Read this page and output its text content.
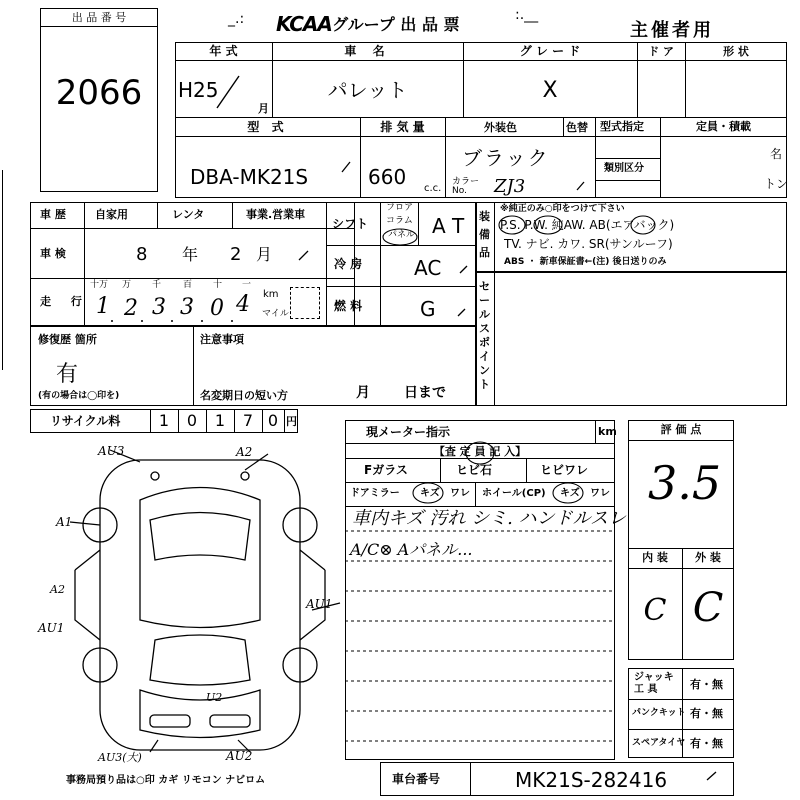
出 品 番 号
2066
KCAA
.グループ 出 品 票	主催者用
_.:	:.__
年 式	車 名	グ レ ー ド	ド ア	形 状
H25
月
パレット	X
型 式	排 気 量	外装色	色替 型式指定	定員・積載
類別区分
名
トン
DBA-MK21S	660 c.c.
ブラック
カラー No.	ZJ3
車 歴	自家用	レンタ	事業.営業車
車 検	8 年 2 月
走 行
十万 万 千 百 十 一
1 2 3 3 0 4 km
マイル
シフト
フロア
コラム
パネル A T
冷 房	AC
燃 料	G
装 備 品
※純正のみ○印をつけて下さい
P.S. P.W. 純AW. AB(エアバック)
TV. ナビ. カワ. SR(サンルーフ)
ABS ・ 新車保証書←(注) 後日送りのみ
セールスポイント
修復歴 箇所
有
(有の場合は◯印を)
注意事項
名変期日の短い方	月 日まで
リサイクル料	1	0	1	7 0 円
AU3	A2
A1
A2
AU1
AU1
U2
AU3(大)	AU2
事務局預り品は○印 カギ リモコン ナビロム
現メーター指示	km
【査 定 員 記 入】
Fガラス	ヒビ石	ヒビワレ
ドアミラー キズ ワレ ホイール(CP) キズ ワレ
車内キズ 汚れ シミ. ハンドルスレ
A/C⊗ Aパネル...
評 価 点
3.5
内 装	外 装
C C
ジャッキ 工 具	有・無
パンクキット 有・無
スペアタイヤ 有・無
車台番号	MK21S-282416
